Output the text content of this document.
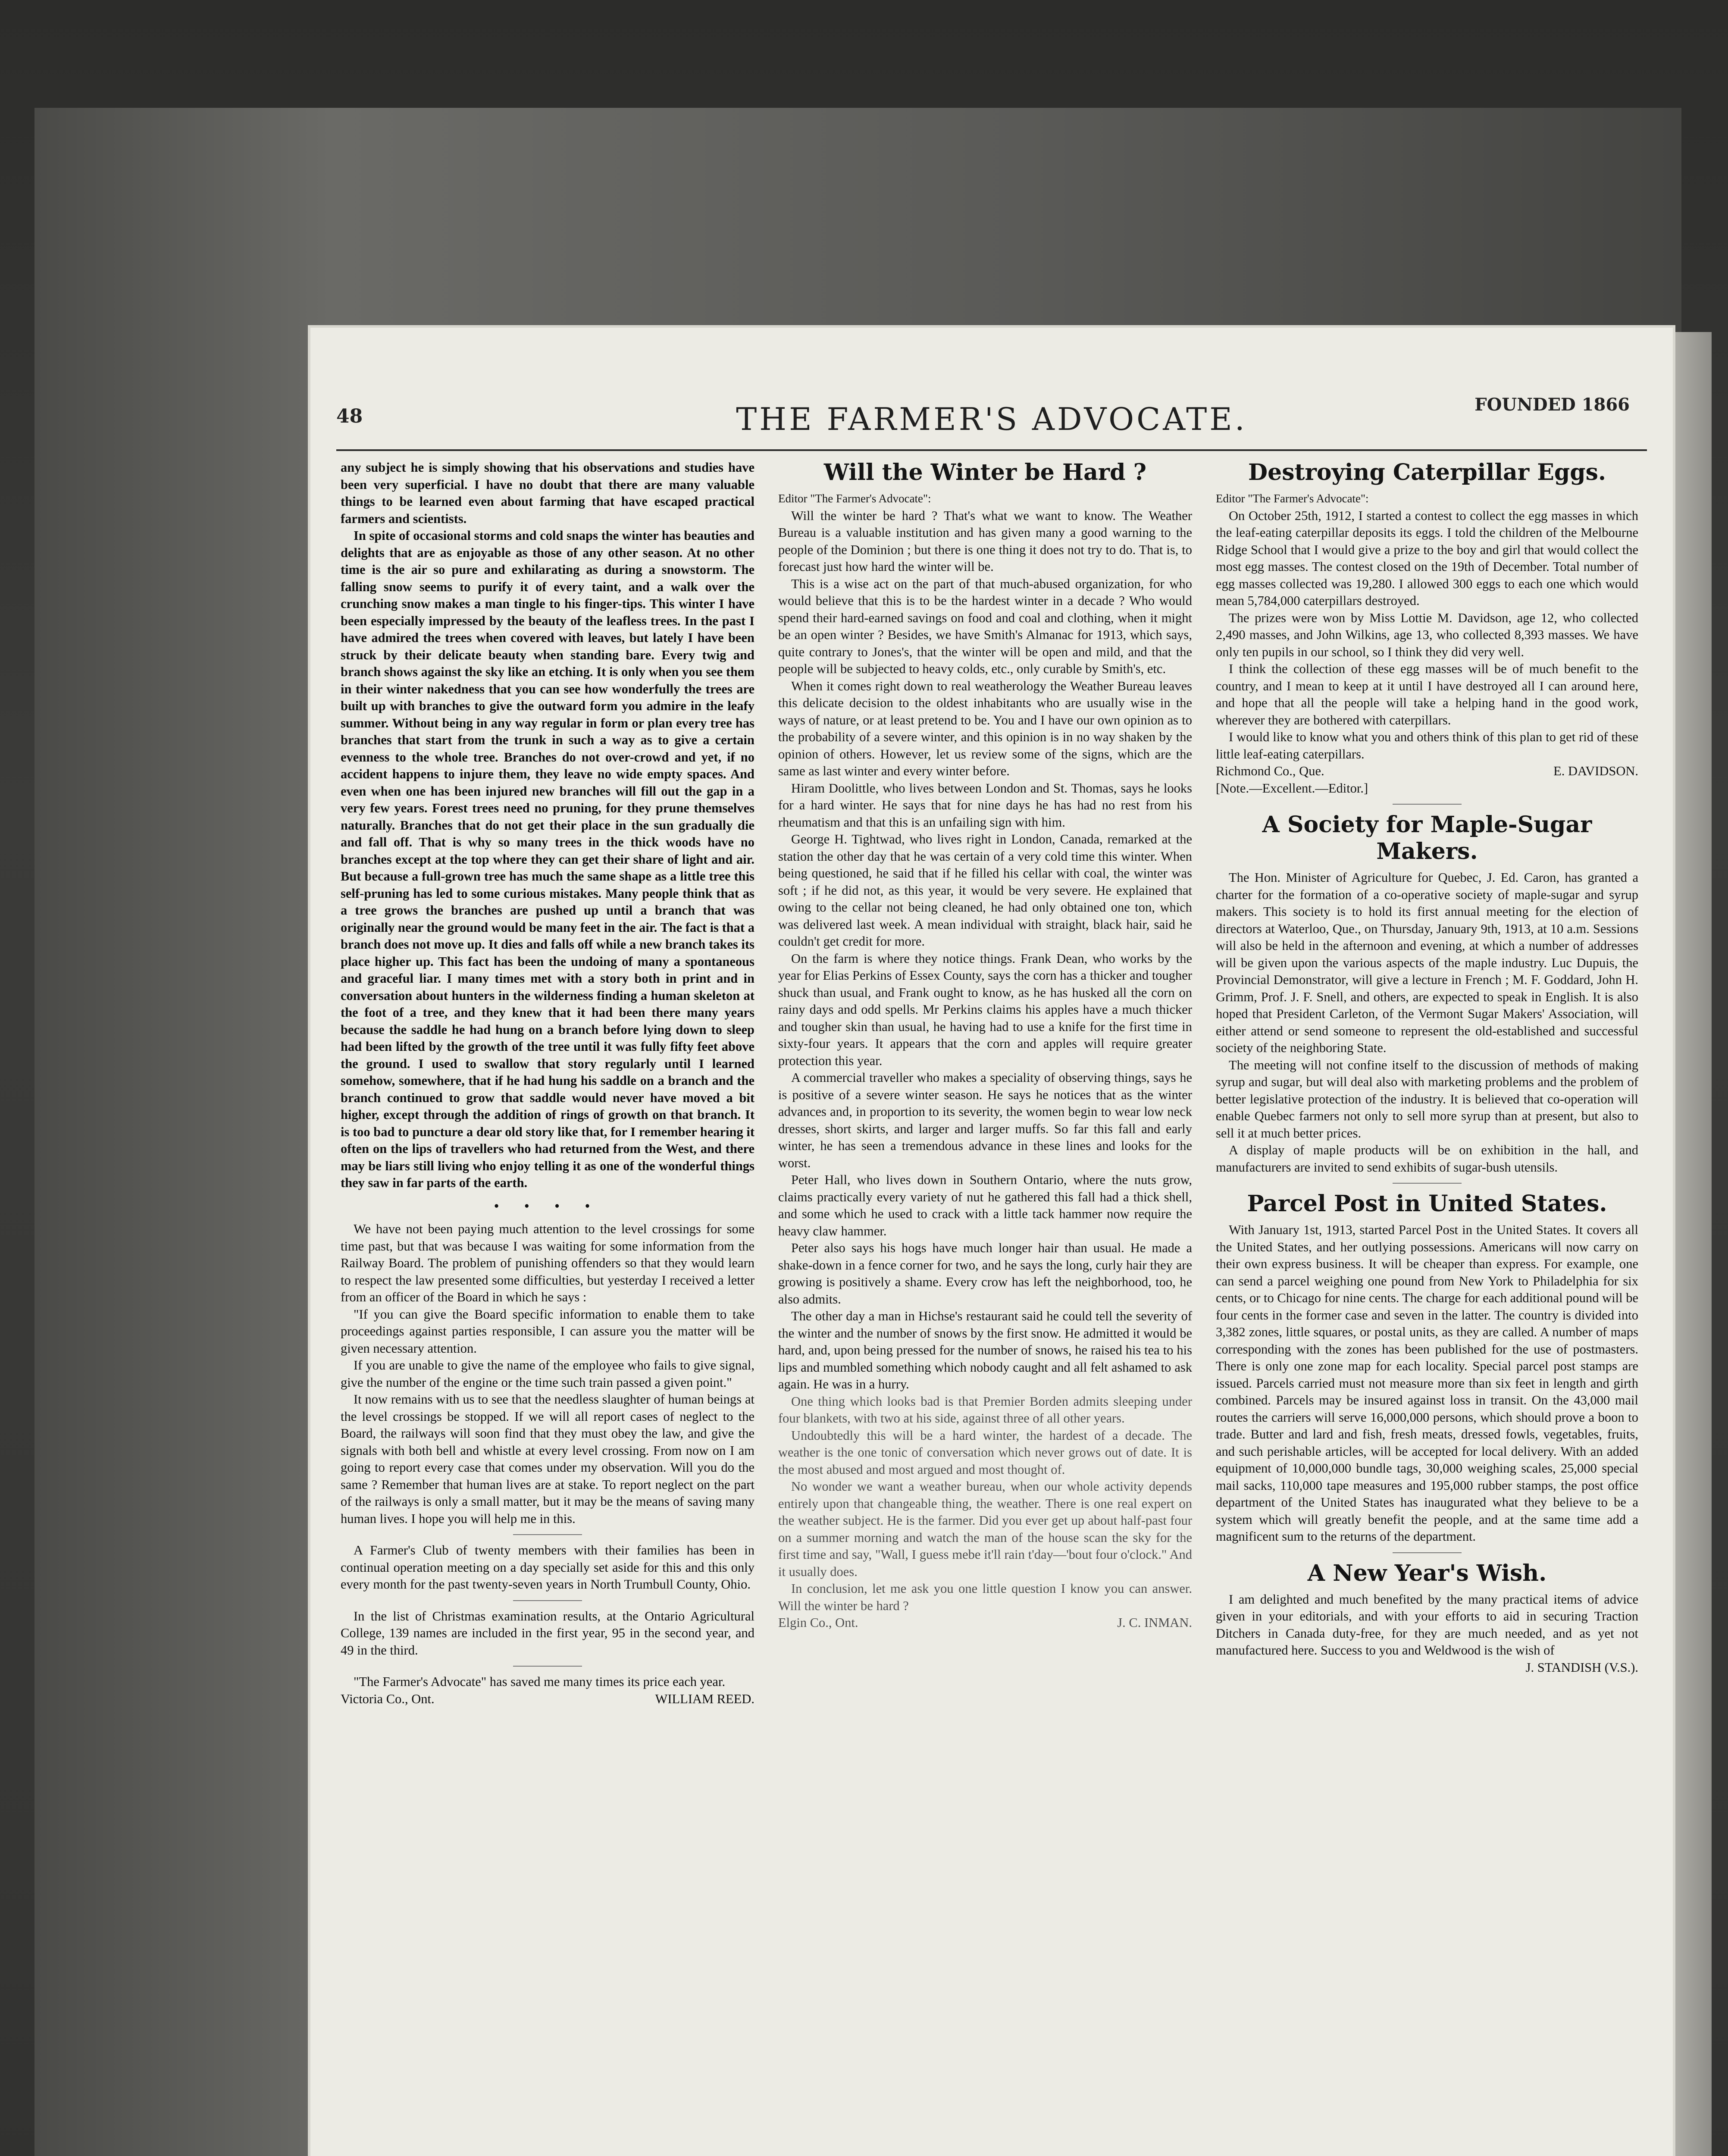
48	THE FARMER'S ADVOCATE.	FOUNDED 1866

any subject he is simply showing that his observations and studies have been very superficial. I have no doubt that there are many valuable things to be learned even about farming that have escaped practical farmers and scientists.

In spite of occasional storms and cold snaps the winter has beauties and delights that are as enjoyable as those of any other season. At no other time is the air so pure and exhilarating as during a snowstorm. The falling snow seems to purify it of every taint, and a walk over the crunching snow makes a man tingle to his finger-tips. This winter I have been especially impressed by the beauty of the leafless trees. In the past I have admired the trees when covered with leaves, but lately I have been struck by their delicate beauty when standing bare. Every twig and branch shows against the sky like an etching. It is only when you see them in their winter nakedness that you can see how wonderfully the trees are built up with branches to give the outward form you admire in the leafy summer. Without being in any way regular in form or plan every tree has branches that start from the trunk in such a way as to give a certain evenness to the whole tree. Branches do not over-crowd and yet, if no accident happens to injure them, they leave no wide empty spaces. And even when one has been injured new branches will fill out the gap in a very few years. Forest trees need no pruning, for they prune themselves naturally. Branches that do not get their place in the sun gradually die and fall off. That is why so many trees in the thick woods have no branches except at the top where they can get their share of light and air. But because a full-grown tree has much the same shape as a little tree this self-pruning has led to some curious mistakes. Many people think that as a tree grows the branches are pushed up until a branch that was originally near the ground would be many feet in the air. The fact is that a branch does not move up. It dies and falls off while a new branch takes its place higher up. This fact has been the undoing of many a spontaneous and graceful liar. I many times met with a story both in print and in conversation about hunters in the wilderness finding a human skeleton at the foot of a tree, and they knew that it had been there many years because the saddle he had hung on a branch before lying down to sleep had been lifted by the growth of the tree until it was fully fifty feet above the ground. I used to swallow that story regularly until I learned somehow, somewhere, that if he had hung his saddle on a branch and the branch continued to grow that saddle would never have moved a bit higher, except through the addition of rings of growth on that branch. It is too bad to puncture a dear old story like that, for I remember hearing it often on the lips of travellers who had returned from the West, and there may be liars still living who enjoy telling it as one of the wonderful things they saw in far parts of the earth.

• • • •

We have not been paying much attention to the level crossings for some time past, but that was because I was waiting for some information from the Railway Board. The problem of punishing offenders so that they would learn to respect the law presented some difficulties, but yesterday I received a letter from an officer of the Board in which he says :

"If you can give the Board specific information to enable them to take proceedings against parties responsible, I can assure you the matter will be given necessary attention.

If you are unable to give the name of the employee who fails to give signal, give the number of the engine or the time such train passed a given point."

It now remains with us to see that the needless slaughter of human beings at the level crossings be stopped. If we will all report cases of neglect to the Board, the railways will soon find that they must obey the law, and give the signals with both bell and whistle at every level crossing. From now on I am going to report every case that comes under my observation. Will you do the same ? Remember that human lives are at stake. To report neglect on the part of the railways is only a small matter, but it may be the means of saving many human lives. I hope you will help me in this.

A Farmer's Club of twenty members with their families has been in continual operation meeting on a day specially set aside for this and this only every month for the past twenty-seven years in North Trumbull County, Ohio.

In the list of Christmas examination results, at the Ontario Agricultural College, 139 names are included in the first year, 95 in the second year, and 49 in the third.

"The Farmer's Advocate" has saved me many times its price each year.

Victoria Co., Ont.	WILLIAM REED.

Will the Winter be Hard ?

Editor "The Farmer's Advocate":

Will the winter be hard ? That's what we want to know. The Weather Bureau is a valuable institution and has given many a good warning to the people of the Dominion ; but there is one thing it does not try to do. That is, to forecast just how hard the winter will be.

This is a wise act on the part of that much-abused organization, for who would believe that this is to be the hardest winter in a decade ? Who would spend their hard-earned savings on food and coal and clothing, when it might be an open winter ? Besides, we have Smith's Almanac for 1913, which says, quite contrary to Jones's, that the winter will be open and mild, and that the people will be subjected to heavy colds, etc., only curable by Smith's, etc.

When it comes right down to real weatherology the Weather Bureau leaves this delicate decision to the oldest inhabitants who are usually wise in the ways of nature, or at least pretend to be. You and I have our own opinion as to the probability of a severe winter, and this opinion is in no way shaken by the opinion of others. However, let us review some of the signs, which are the same as last winter and every winter before.

Hiram Doolittle, who lives between London and St. Thomas, says he looks for a hard winter. He says that for nine days he has had no rest from his rheumatism and that this is an unfailing sign with him.

George H. Tightwad, who lives right in London, Canada, remarked at the station the other day that he was certain of a very cold time this winter. When being questioned, he said that if he filled his cellar with coal, the winter was soft ; if he did not, as this year, it would be very severe. He explained that owing to the cellar not being cleaned, he had only obtained one ton, which was delivered last week. A mean individual with straight, black hair, said he couldn't get credit for more.

On the farm is where they notice things. Frank Dean, who works by the year for Elias Perkins of Essex County, says the corn has a thicker and tougher shuck than usual, and Frank ought to know, as he has husked all the corn on rainy days and odd spells. Mr Perkins claims his apples have a much thicker and tougher skin than usual, he having had to use a knife for the first time in sixty-four years. It appears that the corn and apples will require greater protection this year.

A commercial traveller who makes a speciality of observing things, says he is positive of a severe winter season. He says he notices that as the winter advances and, in proportion to its severity, the women begin to wear low neck dresses, short skirts, and larger and larger muffs. So far this fall and early winter, he has seen a tremendous advance in these lines and looks for the worst.

Peter Hall, who lives down in Southern Ontario, where the nuts grow, claims practically every variety of nut he gathered this fall had a thick shell, and some which he used to crack with a little tack hammer now require the heavy claw hammer.

Peter also says his hogs have much longer hair than usual. He made a shake-down in a fence corner for two, and he says the long, curly hair they are growing is positively a shame. Every crow has left the neighborhood, too, he also admits.

The other day a man in Hichse's restaurant said he could tell the severity of the winter and the number of snows by the first snow. He admitted it would be hard, and, upon being pressed for the number of snows, he raised his tea to his lips and mumbled something which nobody caught and all felt ashamed to ask again. He was in a hurry.

One thing which looks bad is that Premier Borden admits sleeping under four blankets, with two at his side, against three of all other years.

Undoubtedly this will be a hard winter, the hardest of a decade. The weather is the one tonic of conversation which never grows out of date. It is the most abused and most argued and most thought of.

No wonder we want a weather bureau, when our whole activity depends entirely upon that changeable thing, the weather. There is one real expert on the weather subject. He is the farmer. Did you ever get up about half-past four on a summer morning and watch the man of the house scan the sky for the first time and say, "Wall, I guess mebe it'll rain t'day—'bout four o'clock." And it usually does.

In conclusion, let me ask you one little question I know you can answer. Will the winter be hard ?

Elgin Co., Ont.	J. C. INMAN.

Destroying Caterpillar Eggs.

Editor "The Farmer's Advocate":

On October 25th, 1912, I started a contest to collect the egg masses in which the leaf-eating caterpillar deposits its eggs. I told the children of the Melbourne Ridge School that I would give a prize to the boy and girl that would collect the most egg masses. The contest closed on the 19th of December. Total number of egg masses collected was 19,280. I allowed 300 eggs to each one which would mean 5,784,000 caterpillars destroyed.

The prizes were won by Miss Lottie M. Davidson, age 12, who collected 2,490 masses, and John Wilkins, age 13, who collected 8,393 masses. We have only ten pupils in our school, so I think they did very well.

I think the collection of these egg masses will be of much benefit to the country, and I mean to keep at it until I have destroyed all I can around here, and hope that all the people will take a helping hand in the good work, wherever they are bothered with caterpillars.

I would like to know what you and others think of this plan to get rid of these little leaf-eating caterpillars.

Richmond Co., Que.	E. DAVIDSON.

[Note.—Excellent.—Editor.]

A Society for Maple-Sugar Makers.

The Hon. Minister of Agriculture for Quebec, J. Ed. Caron, has granted a charter for the formation of a co-operative society of maple-sugar and syrup makers. This society is to hold its first annual meeting for the election of directors at Waterloo, Que., on Thursday, January 9th, 1913, at 10 a.m. Sessions will also be held in the afternoon and evening, at which a number of addresses will be given upon the various aspects of the maple industry. Luc Dupuis, the Provincial Demonstrator, will give a lecture in French ; M. F. Goddard, John H. Grimm, Prof. J. F. Snell, and others, are expected to speak in English. It is also hoped that President Carleton, of the Vermont Sugar Makers' Association, will either attend or send someone to represent the old-established and successful society of the neighboring State.

The meeting will not confine itself to the discussion of methods of making syrup and sugar, but will deal also with marketing problems and the problem of better legislative protection of the industry. It is believed that co-operation will enable Quebec farmers not only to sell more syrup than at present, but also to sell it at much better prices.

A display of maple products will be on exhibition in the hall, and manufacturers are invited to send exhibits of sugar-bush utensils.

Parcel Post in United States.

With January 1st, 1913, started Parcel Post in the United States. It covers all the United States, and her outlying possessions. Americans will now carry on their own express business. It will be cheaper than express. For example, one can send a parcel weighing one pound from New York to Philadelphia for six cents, or to Chicago for nine cents. The charge for each additional pound will be four cents in the former case and seven in the latter. The country is divided into 3,382 zones, little squares, or postal units, as they are called. A number of maps corresponding with the zones has been published for the use of postmasters. There is only one zone map for each locality. Special parcel post stamps are issued. Parcels carried must not measure more than six feet in length and girth combined. Parcels may be insured against loss in transit. On the 43,000 mail routes the carriers will serve 16,000,000 persons, which should prove a boon to trade. Butter and lard and fish, fresh meats, dressed fowls, vegetables, fruits, and such perishable articles, will be accepted for local delivery. With an added equipment of 10,000,000 bundle tags, 30,000 weighing scales, 25,000 special mail sacks, 110,000 tape measures and 195,000 rubber stamps, the post office department of the United States has inaugurated what they believe to be a system which will greatly benefit the people, and at the same time add a magnificent sum to the returns of the department.

A New Year's Wish.

I am delighted and much benefited by the many practical items of advice given in your editorials, and with your efforts to aid in securing Traction Ditchers in Canada duty-free, for they are much needed, and as yet not manufactured here. Success to you and Weldwood is the wish of

J. STANDISH (V.S.).
